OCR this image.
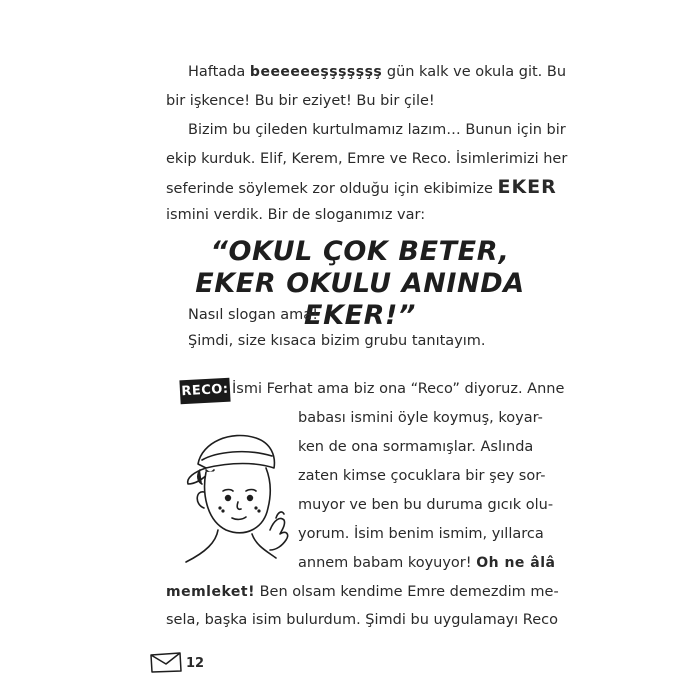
Haftada beeeeeeşşşşşşş gün kalk ve okula git. Bu
bir işkence! Bu bir eziyet! Bu bir çile!
Bizim bu çileden kurtulmamız lazım… Bunun için bir
ekip kurduk. Elif, Kerem, Emre ve Reco. İsimlerimizi her
seferinde söylemek zor olduğu için ekibimize EKER
ismini verdik. Bir de sloganımız var:
“OKUL ÇOK BETER,
EKER OKULU ANINDA EKER!”
Nasıl slogan ama!
Şimdi, size kısaca bizim grubu tanıtayım.
RECO: İsmi Ferhat ama biz ona “Reco” diyoruz. Anne
babası ismini öyle koymuş, koyar-
ken de ona sormamışlar. Aslında
zaten kimse çocuklara bir şey sor-
muyor ve ben bu duruma gıcık olu-
yorum. İsim benim ismim, yıllarca
annem babam koyuyor! Oh ne âlâ
memleket! Ben olsam kendime Emre demezdim me-
sela, başka isim bulurdum. Şimdi bu uygulamayı Reco
12
